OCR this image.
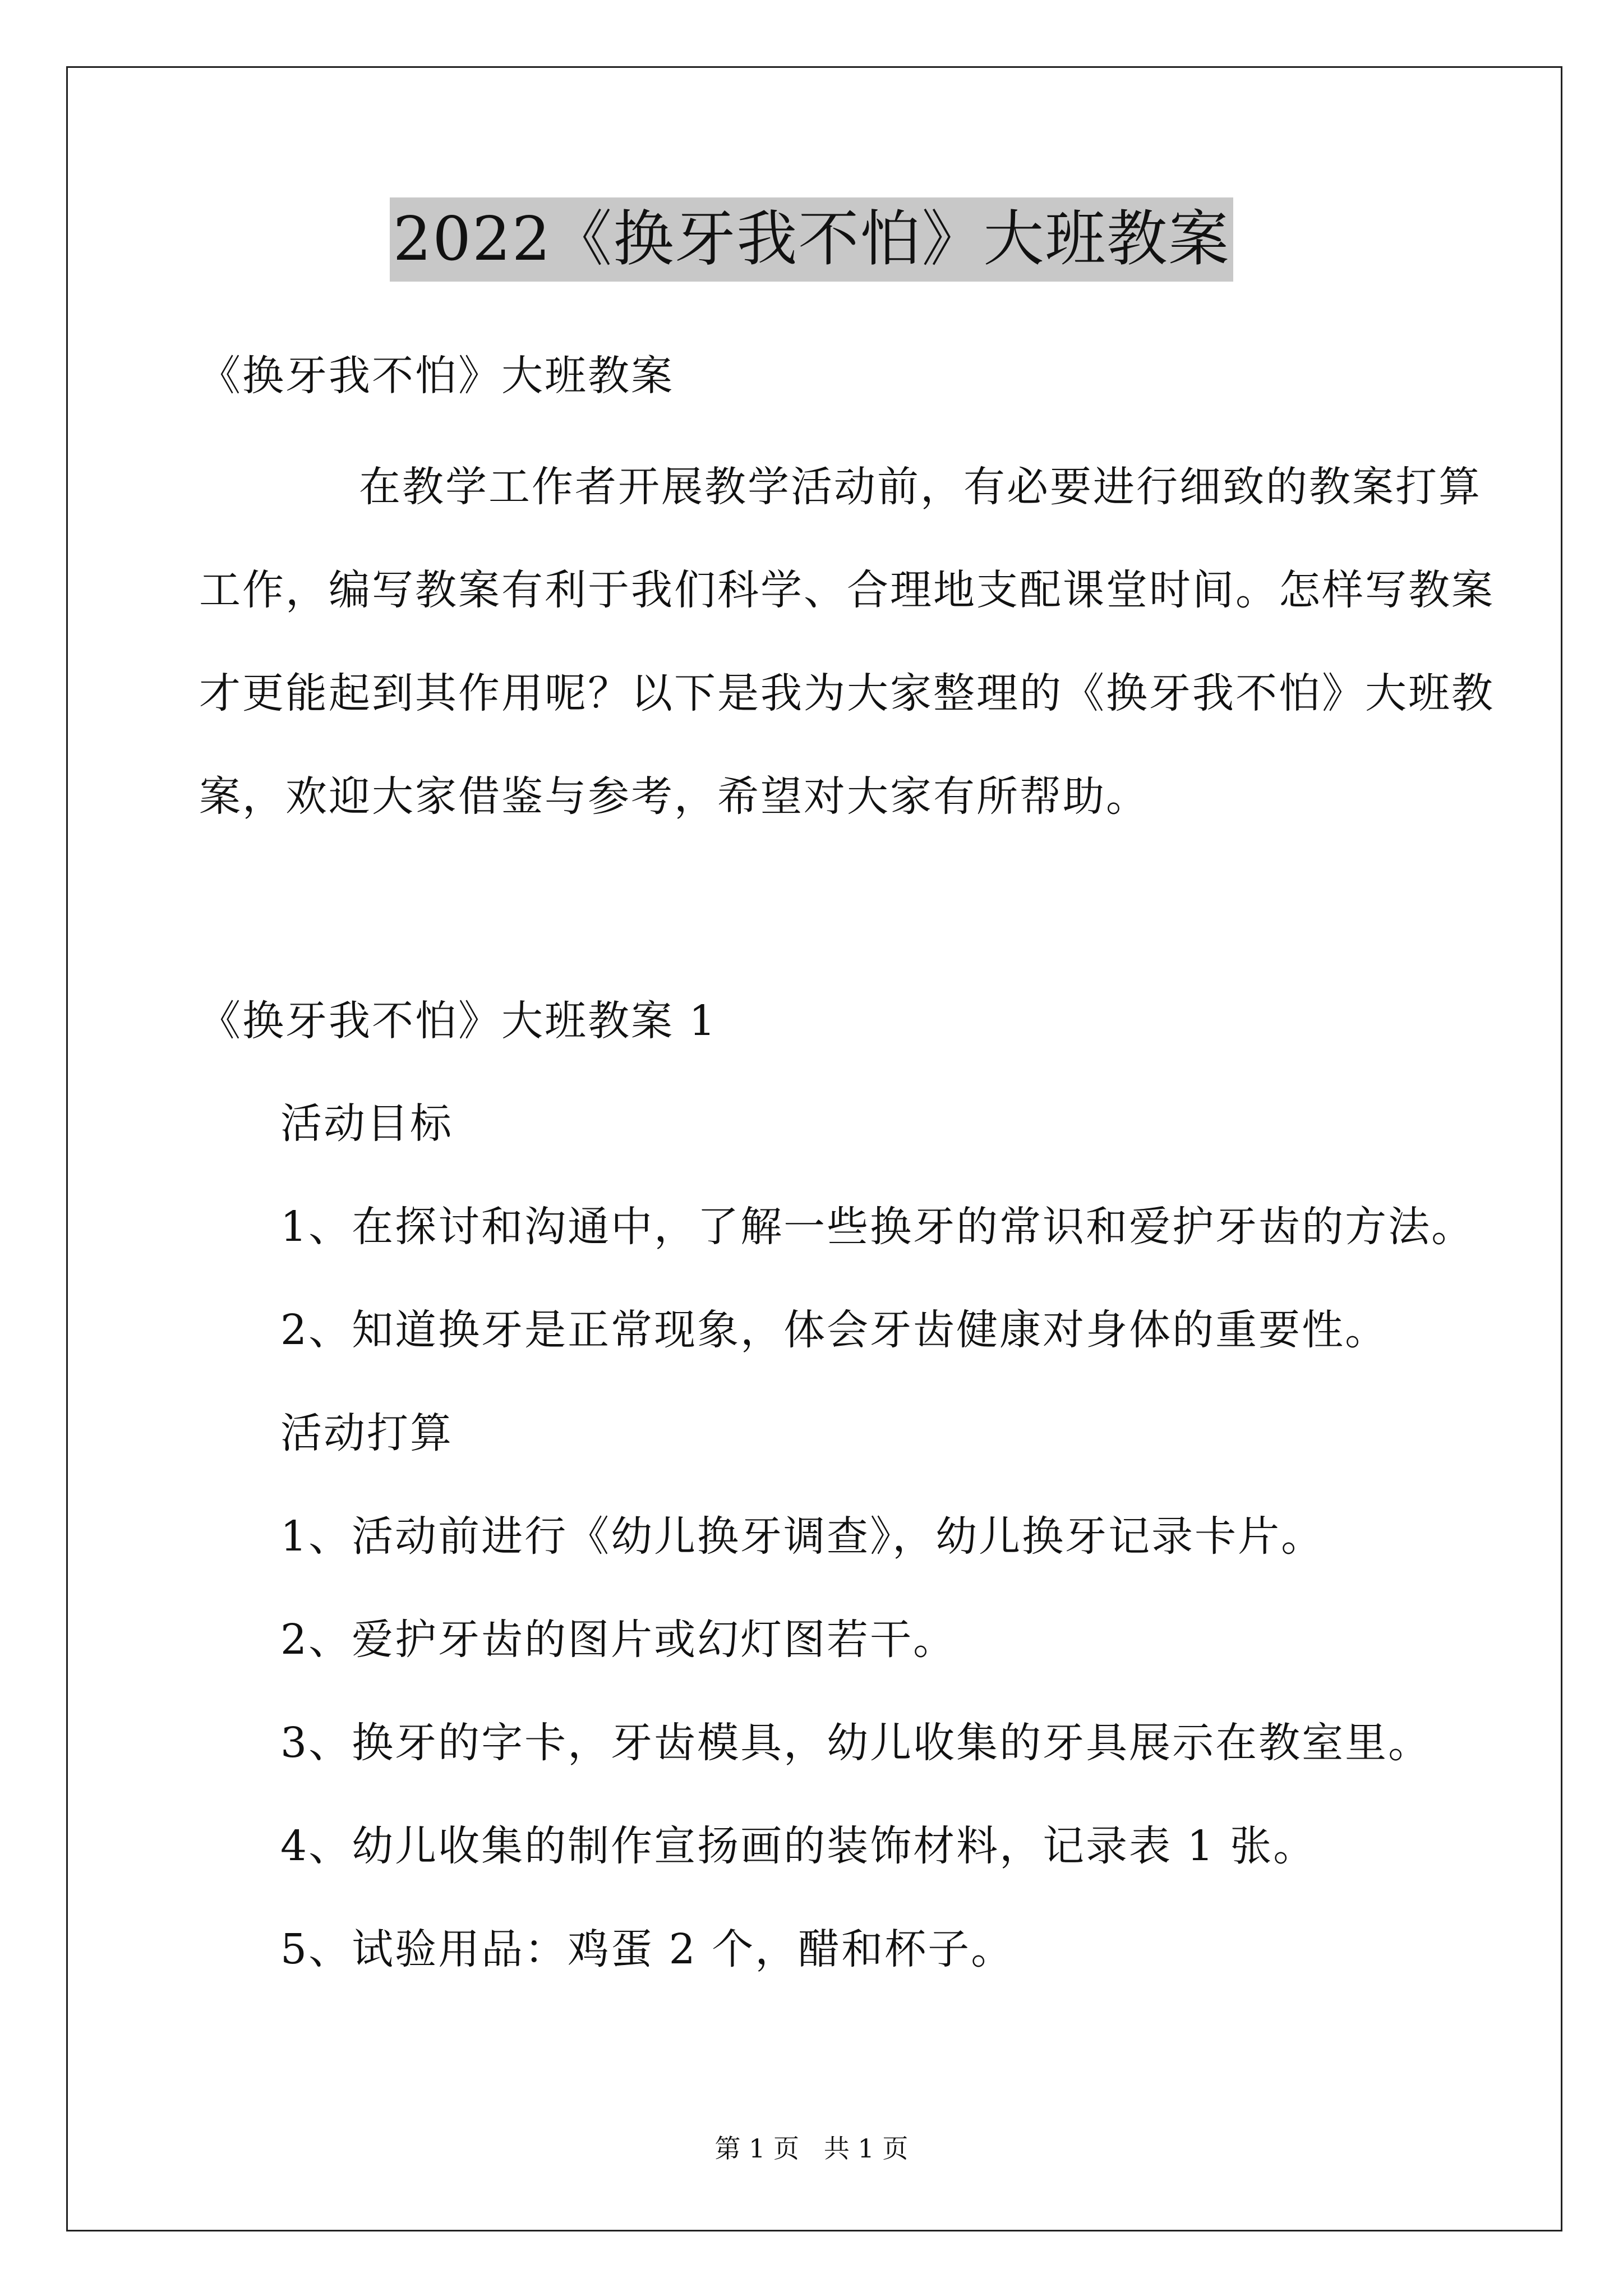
2022《换牙我不怕》大班教案
《换牙我不怕》大班教案
在教学工作者开展教学活动前，有必要进行细致的教案打算
工作，编写教案有利于我们科学、合理地支配课堂时间。怎样写教案
才更能起到其作用呢？以下是我为大家整理的《换牙我不怕》大班教
案，欢迎大家借鉴与参考，希望对大家有所帮助。
《换牙我不怕》大班教案 1
活动目标
1、在探讨和沟通中，了解一些换牙的常识和爱护牙齿的方法。
2、知道换牙是正常现象，体会牙齿健康对身体的重要性。
活动打算
1、活动前进行《幼儿换牙调查》，幼儿换牙记录卡片。
2、爱护牙齿的图片或幻灯图若干。
3、换牙的字卡，牙齿模具，幼儿收集的牙具展示在教室里。
4、幼儿收集的制作宣扬画的装饰材料，记录表 1 张。
5、试验用品：鸡蛋 2 个，醋和杯子。
第 1 页   共 1 页
